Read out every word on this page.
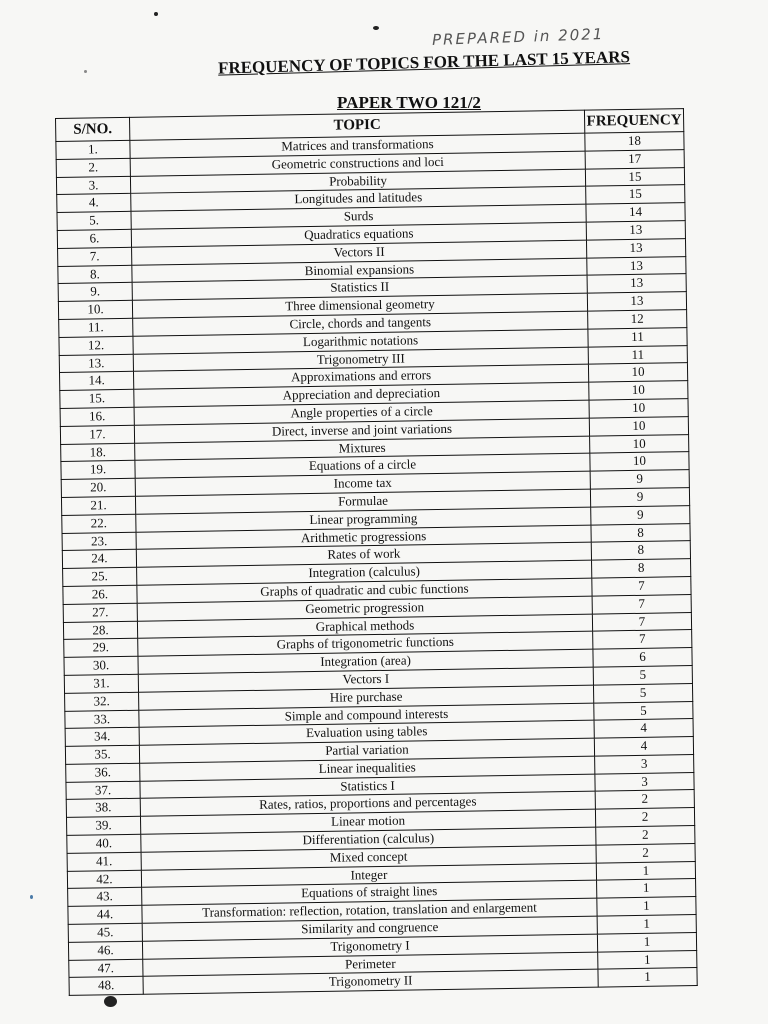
PREPARED in 2021
FREQUENCY OF TOPICS FOR THE LAST 15 YEARS
PAPER TWO 121/2
S/NO.	TOPIC	FREQUENCY
1.	Matrices and transformations	18
2.	Geometric constructions and loci	17
3.	Probability	15
4.	Longitudes and latitudes	15
5.	Surds	14
6.	Quadratics equations	13
7.	Vectors II	13
8.	Binomial expansions	13
9.	Statistics II	13
10.	Three dimensional geometry	13
11.	Circle, chords and tangents	12
12.	Logarithmic notations	11
13.	Trigonometry III	11
14.	Approximations and errors	10
15.	Appreciation and depreciation	10
16.	Angle properties of a circle	10
17.	Direct, inverse and joint variations	10
18.	Mixtures	10
19.	Equations of a circle	10
20.	Income tax	9
21.	Formulae	9
22.	Linear programming	9
23.	Arithmetic progressions	8
24.	Rates of work	8
25.	Integration (calculus)	8
26.	Graphs of quadratic and cubic functions	7
27.	Geometric progression	7
28.	Graphical methods	7
29.	Graphs of trigonometric functions	7
30.	Integration (area)	6
31.	Vectors I	5
32.	Hire purchase	5
33.	Simple and compound interests	5
34.	Evaluation using tables	4
35.	Partial variation	4
36.	Linear inequalities	3
37.	Statistics I	3
38.	Rates, ratios, proportions and percentages	2
39.	Linear motion	2
40.	Differentiation (calculus)	2
41.	Mixed concept	2
42.	Integer	1
43.	Equations of straight lines	1
44.	Transformation: reflection, rotation, translation and enlargement	1
45.	Similarity and congruence	1
46.	Trigonometry I	1
47.	Perimeter	1
48.	Trigonometry II	1
